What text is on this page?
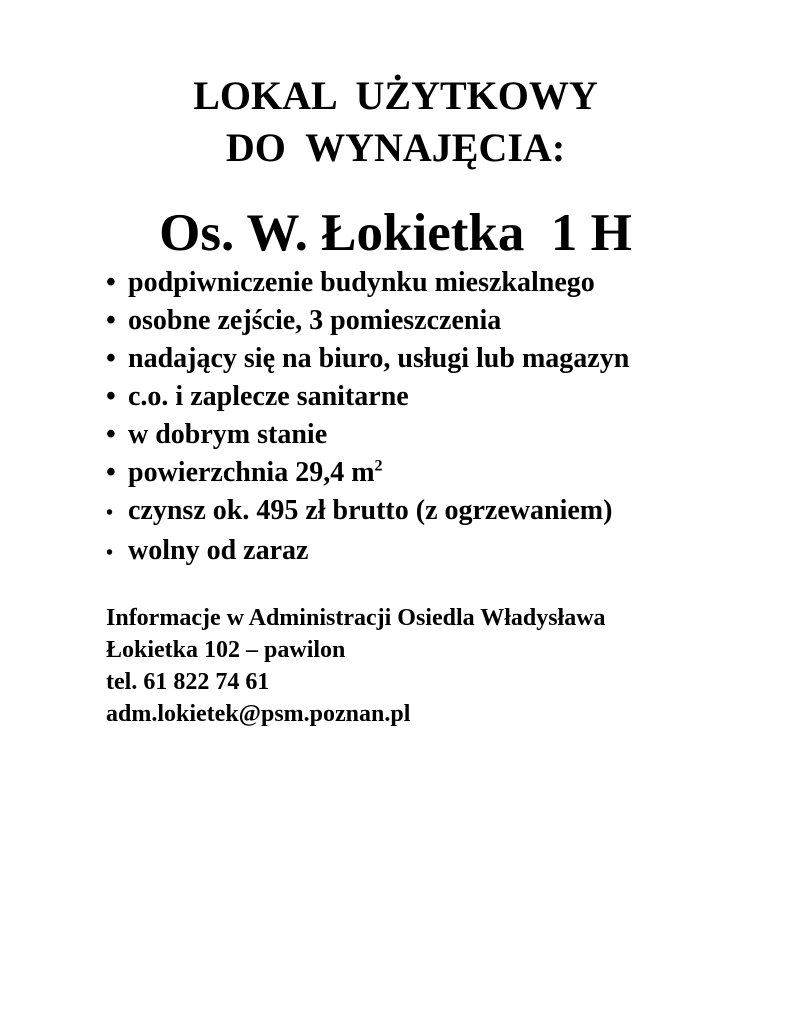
LOKAL  UŻYTKOWY
DO  WYNAJĘCIA:
Os. W. Łokietka  1 H
• podpiwniczenie budynku mieszkalnego
• osobne zejście, 3 pomieszczenia
• nadający się na biuro, usługi lub magazyn
• c.o. i zaplecze sanitarne
• w dobrym stanie
• powierzchnia 29,4 $m^2$
• czynsz ok. 495 zł brutto (z ogrzewaniem)
• wolny od zaraz
Informacje w Administracji Osiedla Władysława
Łokietka 102 – pawilon
tel. 61 822 74 61
adm.lokietek@psm.poznan.pl
